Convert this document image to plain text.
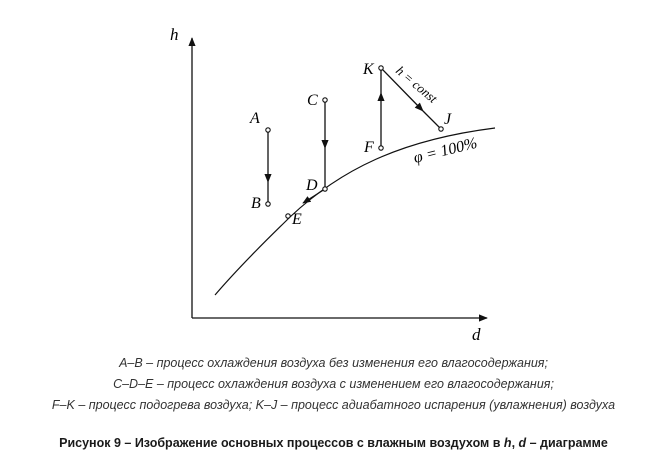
h
d
φ = 100%
A
B
C
D
E
F
K
J
h = const
A–B – процесс охлаждения воздуха без изменения его влагосодержания;
C–D–E – процесс охлаждения воздуха с изменением его влагосодержания;
F–K – процесс подогрева воздуха; K–J – процесс адиабатного испарения (увлажнения) воздуха
Рисунок 9 – Изображение основных процессов с влажным воздухом в h, d – диаграмме
